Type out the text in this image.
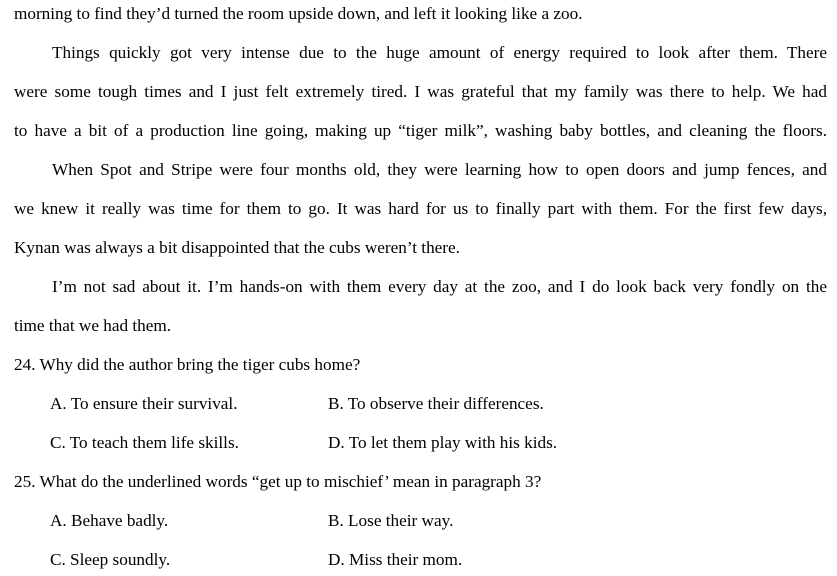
morning to find they’d turned the room upside down, and left it looking like a zoo.
Things quickly got very intense due to the huge amount of energy required to look after them. There
were some tough times and I just felt extremely tired. I was grateful that my family was there to help. We had
to have a bit of a production line going, making up “tiger milk”, washing baby bottles, and cleaning the floors.
When Spot and Stripe were four months old, they were learning how to open doors and jump fences, and
we knew it really was time for them to go. It was hard for us to finally part with them. For the first few days,
Kynan was always a bit disappointed that the cubs weren’t there.
I’m not sad about it. I’m hands-on with them every day at the zoo, and I do look back very fondly on the
time that we had them.
24. Why did the author bring the tiger cubs home?
A. To ensure their survival.	B. To observe their differences.
C. To teach them life skills.	D. To let them play with his kids.
25. What do the underlined words “get up to mischief’ mean in paragraph 3?
A. Behave badly.	B. Lose their way.
C. Sleep soundly.	D. Miss their mom.
